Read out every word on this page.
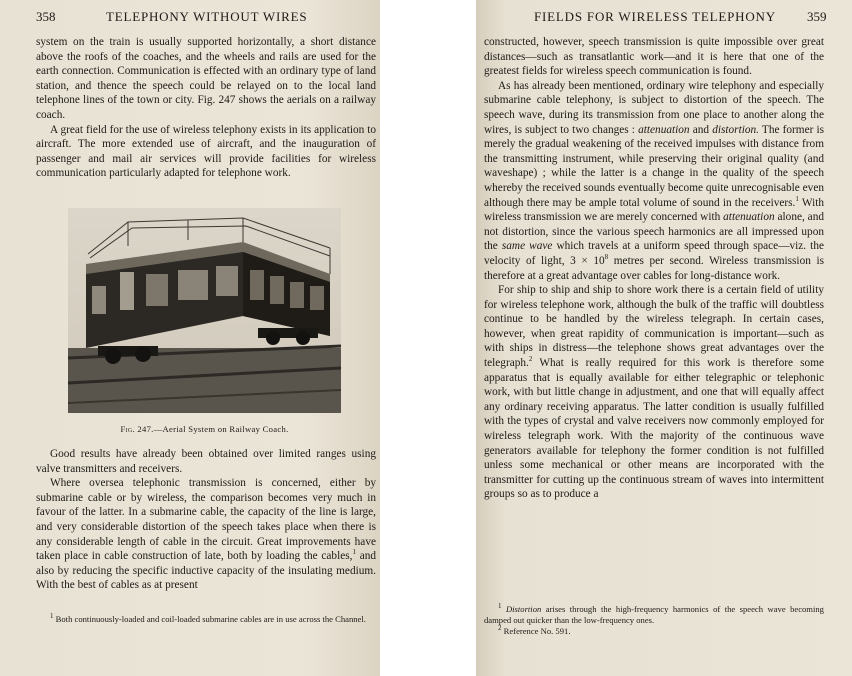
358	TELEPHONY WITHOUT WIRES

system on the train is usually supported horizontally, a short distance above the roofs of the coaches, and the wheels and rails are used for the earth connection. Communication is effected with an ordinary type of land station, and thence the speech could be relayed on to the local land telephone lines of the town or city. Fig. 247 shows the aerials on a railway coach.

A great field for the use of wireless telephony exists in its application to aircraft. The more extended use of aircraft, and the inauguration of passenger and mail air services will provide facilities for wireless communication particularly adapted for telephone work.

Fig. 247.—Aerial System on Railway Coach.

Good results have already been obtained over limited ranges using valve transmitters and receivers.

Where oversea telephonic transmission is concerned, either by submarine cable or by wireless, the comparison becomes very much in favour of the latter. In a submarine cable, the capacity of the line is large, and very considerable distortion of the speech takes place when there is any considerable length of cable in the circuit. Great improvements have taken place in cable construction of late, both by loading the cables,$^1$ and also by reducing the specific inductive capacity of the insulating medium. With the best of cables as at present

$^1$ Both continuously-loaded and coil-loaded submarine cables are in use across the Channel.

FIELDS FOR WIRELESS TELEPHONY 359

constructed, however, speech transmission is quite impossible over great distances—such as transatlantic work—and it is here that one of the greatest fields for wireless speech communication is found.

As has already been mentioned, ordinary wire telephony and especially submarine cable telephony, is subject to distortion of the speech. The speech wave, during its transmission from one place to another along the wires, is subject to two changes : attenuation and distortion. The former is merely the gradual weakening of the received impulses with distance from the transmitting instrument, while preserving their original quality (and waveshape) ; while the latter is a change in the quality of the speech whereby the received sounds eventually become quite unrecognisable even although there may be ample total volume of sound in the receivers.$^1$ With wireless transmission we are merely concerned with attenuation alone, and not distortion, since the various speech harmonics are all impressed upon the same wave which travels at a uniform speed through space—viz. the velocity of light, $3 \times 10^8$ metres per second. Wireless transmission is therefore at a great advantage over cables for long-distance work.

For ship to ship and ship to shore work there is a certain field of utility for wireless telephone work, although the bulk of the traffic will doubtless continue to be handled by the wireless telegraph. In certain cases, however, when great rapidity of communication is important—such as with ships in distress—the telephone shows great advantages over the telegraph.$^2$ What is really required for this work is therefore some apparatus that is equally available for either telegraphic or telephonic work, with but little change in adjustment, and one that will equally affect any ordinary receiving apparatus. The latter condition is usually fulfilled with the types of crystal and valve receivers now commonly employed for wireless telegraph work. With the majority of the continuous wave generators available for telephony the former condition is not fulfilled unless some mechanical or other means are incorporated with the transmitter for cutting up the continuous stream of waves into intermittent groups so as to produce a

$^1$ Distortion arises through the high-frequency harmonics of the speech wave becoming damped out quicker than the low-frequency ones.

$^2$ Reference No. 591.
